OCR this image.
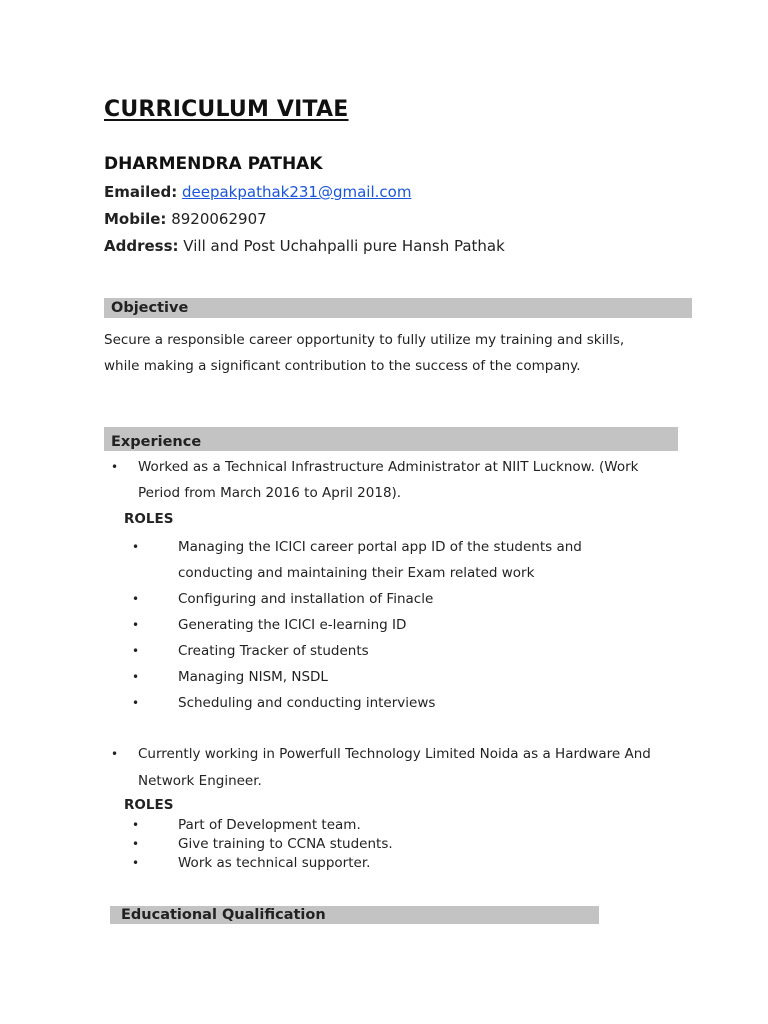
CURRICULUM VITAE
DHARMENDRA PATHAK
Emailed: deepakpathak231@gmail.com
Mobile: 8920062907
Address: Vill and Post Uchahpalli pure Hansh Pathak
Objective
Secure a responsible career opportunity to fully utilize my training and skills,
while making a significant contribution to the success of the company.
Experience
• Worked as a Technical Infrastructure Administrator at NIIT Lucknow. (Work
Period from March 2016 to April 2018).
ROLES
•	Managing the ICICI career portal app ID of the students and
conducting and maintaining their Exam related work
•	Configuring and installation of Finacle
•	Generating the ICICI e-learning ID
•	Creating Tracker of students
•	Managing NISM, NSDL
•	Scheduling and conducting interviews
• Currently working in Powerfull Technology Limited Noida as a Hardware And
Network Engineer.
ROLES
•	Part of Development team.
•	Give training to CCNA students.
•	Work as technical supporter.
Educational Qualification
